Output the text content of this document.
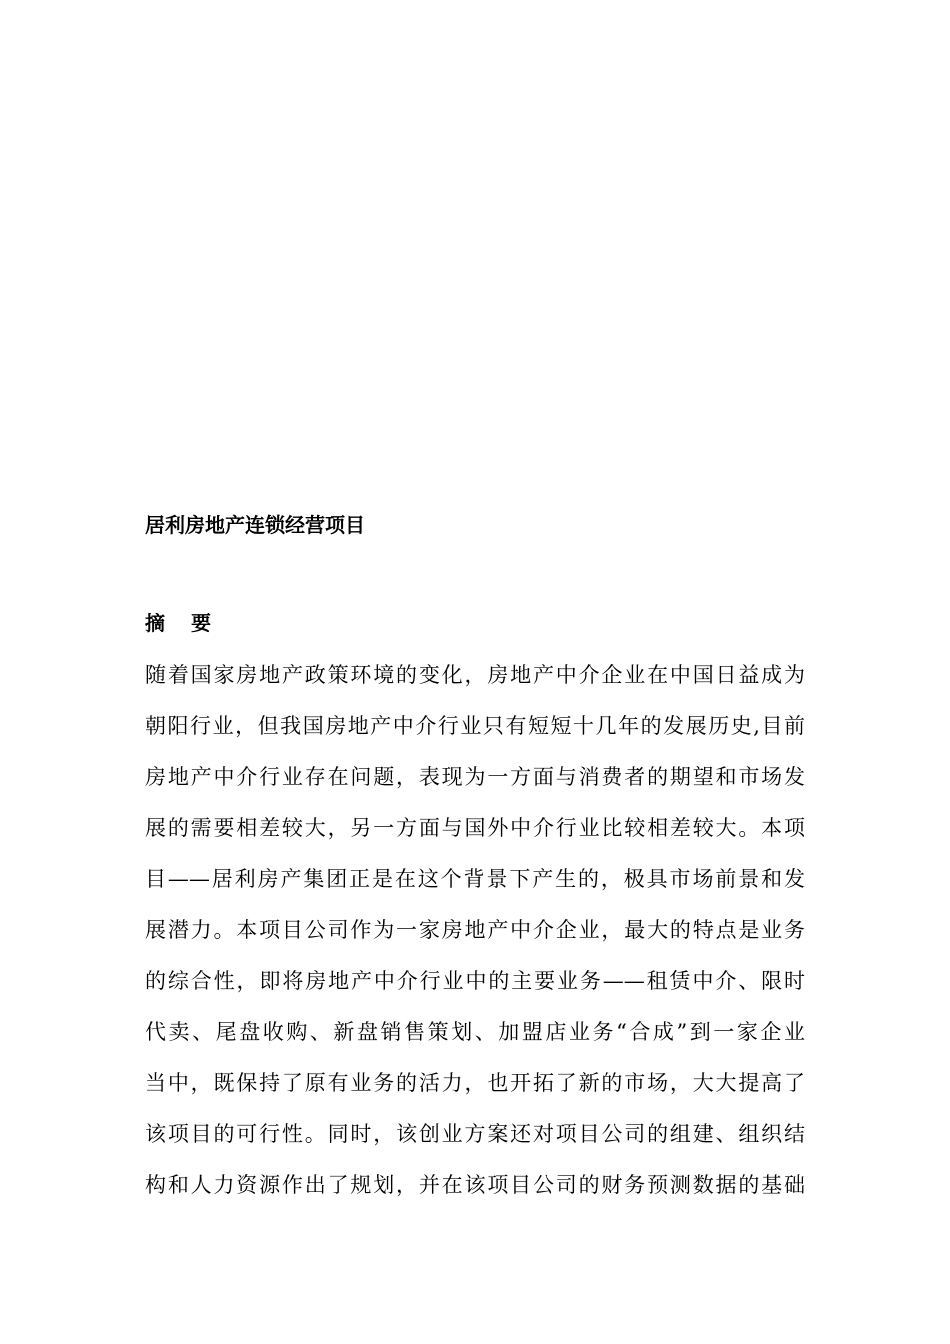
居利房地产连锁经营项目
摘 要
随着国家房地产政策环境的变化，房地产中介企业在中国日益成为
朝阳行业，但我国房地产中介行业只有短短十几年的发展历史,目前
房地产中介行业存在问题，表现为一方面与消费者的期望和市场发
展的需要相差较大，另一方面与国外中介行业比较相差较大。本项
目——居利房产集团正是在这个背景下产生的，极具市场前景和发
展潜力。本项目公司作为一家房地产中介企业，最大的特点是业务
的综合性，即将房地产中介行业中的主要业务——租赁中介、限时
代卖、尾盘收购、新盘销售策划、加盟店业务“合成”到一家企业
当中，既保持了原有业务的活力，也开拓了新的市场，大大提高了
该项目的可行性。同时，该创业方案还对项目公司的组建、组织结
构和人力资源作出了规划，并在该项目公司的财务预测数据的基础
